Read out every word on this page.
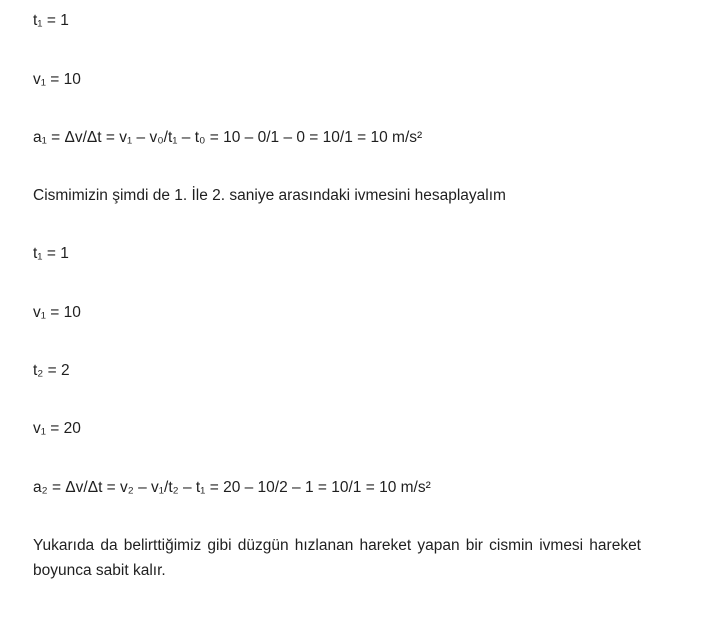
t₁ = 1
v₁ = 10
a₁ = Δv/Δt = v₁ – v₀/t₁ – t₀ = 10 – 0/1 – 0 = 10/1 = 10 m/s²
Cismimizin şimdi de 1. İle 2. saniye arasındaki ivmesini hesaplayalım
t₁ = 1
v₁ = 10
t₂ = 2
v₁ = 20
a₂ = Δv/Δt = v₂ – v₁/t₂ – t₁ = 20 – 10/2 – 1 = 10/1 = 10 m/s²
Yukarıda da belirttiğimiz gibi düzgün hızlanan hareket yapan bir cismin ivmesi hareket boyunca sabit kalır.
